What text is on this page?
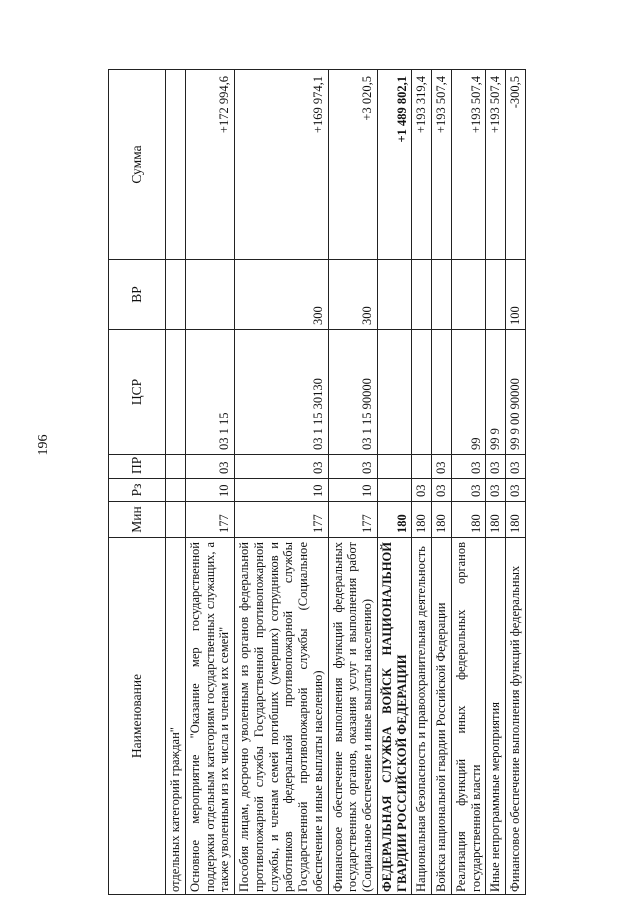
196
Наименование	Мин	Рз	ПР	ЦСР	ВР	Сумма
отдельных категорий граждан"						
Основное мероприятие "Оказание мер государственной поддержки отдельным категориям государственных служащих, а также уволенным из их числа и членам их семей"	177	10	03	03 1 15		+172 994,6
Пособия лицам, досрочно уволенным из органов федеральной противопожарной службы Государственной противопожарной службы, и членам семей погибших (умерших) сотрудников и работников федеральной противопожарной службы Государственной противопожарной службы (Социальное обеспечение и иные выплаты населению)	177	10	03	03 1 15 30130	300	+169 974,1
Финансовое обеспечение выполнения функций федеральных государственных органов, оказания услуг и выполнения работ (Социальное обеспечение и иные выплаты населению)	177	10	03	03 1 15 90000	300	+3 020,5
ФЕДЕРАЛЬНАЯ СЛУЖБА ВОЙСК НАЦИОНАЛЬНОЙ ГВАРДИИ РОССИЙСКОЙ ФЕДЕРАЦИИ	180					+1 489 802,1
Национальная безопасность и правоохранительная деятельность	180	03				+193 319,4
Войска национальной гвардии Российской Федерации	180	03	03			+193 507,4
Реализация функций иных федеральных органов государственной власти	180	03	03	99		+193 507,4
Иные непрограммные мероприятия	180	03	03	99 9		+193 507,4
Финансовое обеспечение выполнения функций федеральных	180	03	03	99 9 00 90000	100	-300,5
